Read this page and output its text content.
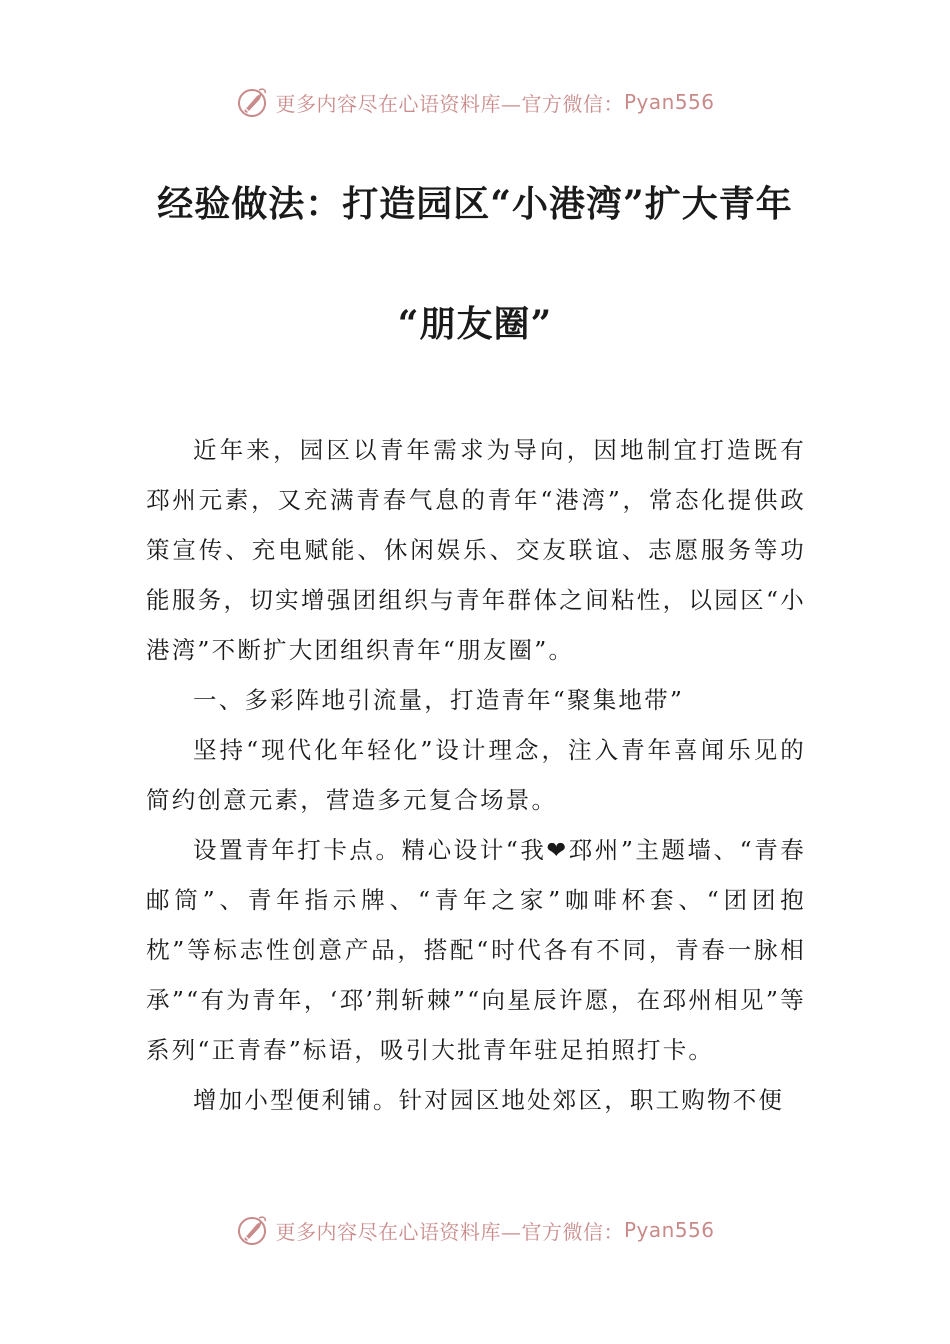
更多内容尽在心语资料库—官方微信： Pyan556
经验做法：打造园区“小港湾”扩大青年
“朋友圈”

近年来，园区以青年需求为导向，因地制宜打造既有邳州元素，又充满青春气息的青年“港湾”，常态化提供政策宣传、充电赋能、休闲娱乐、交友联谊、志愿服务等功能服务，切实增强团组织与青年群体之间粘性，以园区“小港湾”不断扩大团组织青年“朋友圈”。

一、多彩阵地引流量，打造青年“聚集地带”

坚持“现代化年轻化”设计理念，注入青年喜闻乐见的简约创意元素，营造多元复合场景。

设置青年打卡点。精心设计“我❤邳州”主题墙、“青春邮筒”、青年指示牌、“青年之家”咖啡杯套、“团团抱枕”等标志性创意产品，搭配“时代各有不同，青春一脉相承”“有为青年，‘邳’荆斩棘”“向星辰许愿，在邳州相见”等系列“正青春”标语，吸引大批青年驻足拍照打卡。

增加小型便利铺。针对园区地处郊区，职工购物不便

更多内容尽在心语资料库—官方微信： Pyan556
